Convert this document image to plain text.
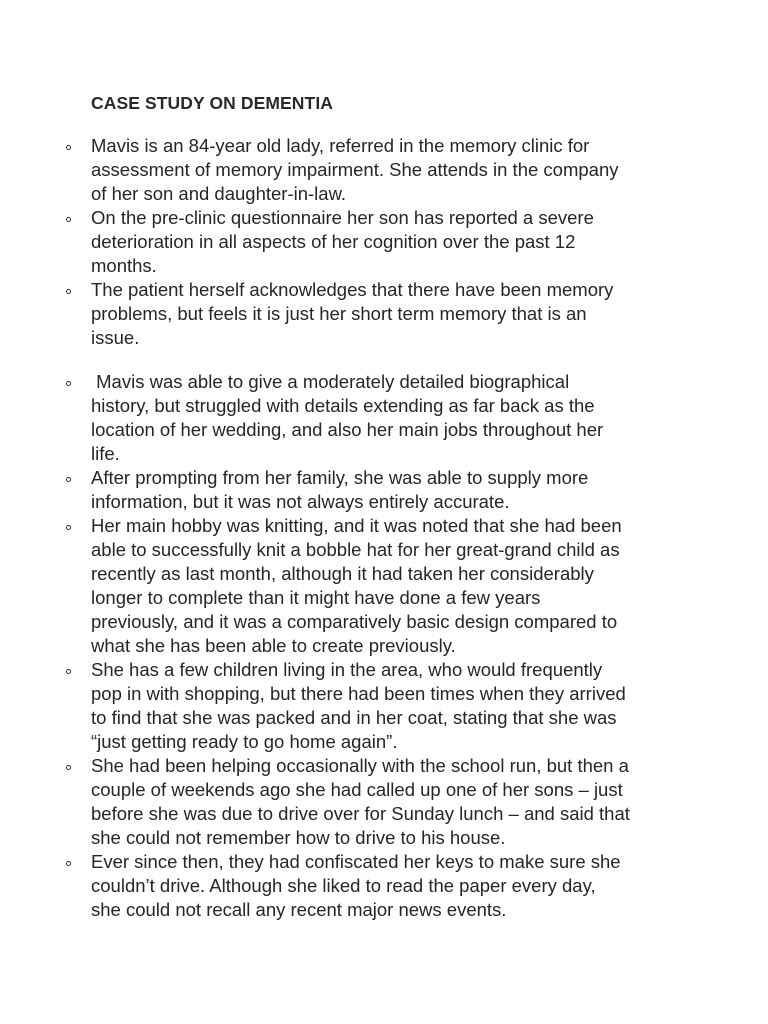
CASE STUDY ON DEMENTIA
Mavis is an 84-year old lady, referred in the memory clinic for
assessment of memory impairment. She attends in the company
of her son and daughter-in-law.
On the pre-clinic questionnaire her son has reported a severe
deterioration in all aspects of her cognition over the past 12
months.
The patient herself acknowledges that there have been memory
problems, but feels it is just her short term memory that is an
issue.
Mavis was able to give a moderately detailed biographical
history, but struggled with details extending as far back as the
location of her wedding, and also her main jobs throughout her
life.
After prompting from her family, she was able to supply more
information, but it was not always entirely accurate.
Her main hobby was knitting, and it was noted that she had been
able to successfully knit a bobble hat for her great-grand child as
recently as last month, although it had taken her considerably
longer to complete than it might have done a few years
previously, and it was a comparatively basic design compared to
what she has been able to create previously.
She has a few children living in the area, who would frequently
pop in with shopping, but there had been times when they arrived
to find that she was packed and in her coat, stating that she was
“just getting ready to go home again”.
She had been helping occasionally with the school run, but then a
couple of weekends ago she had called up one of her sons – just
before she was due to drive over for Sunday lunch – and said that
she could not remember how to drive to his house.
Ever since then, they had confiscated her keys to make sure she
couldn’t drive. Although she liked to read the paper every day,
she could not recall any recent major news events.
